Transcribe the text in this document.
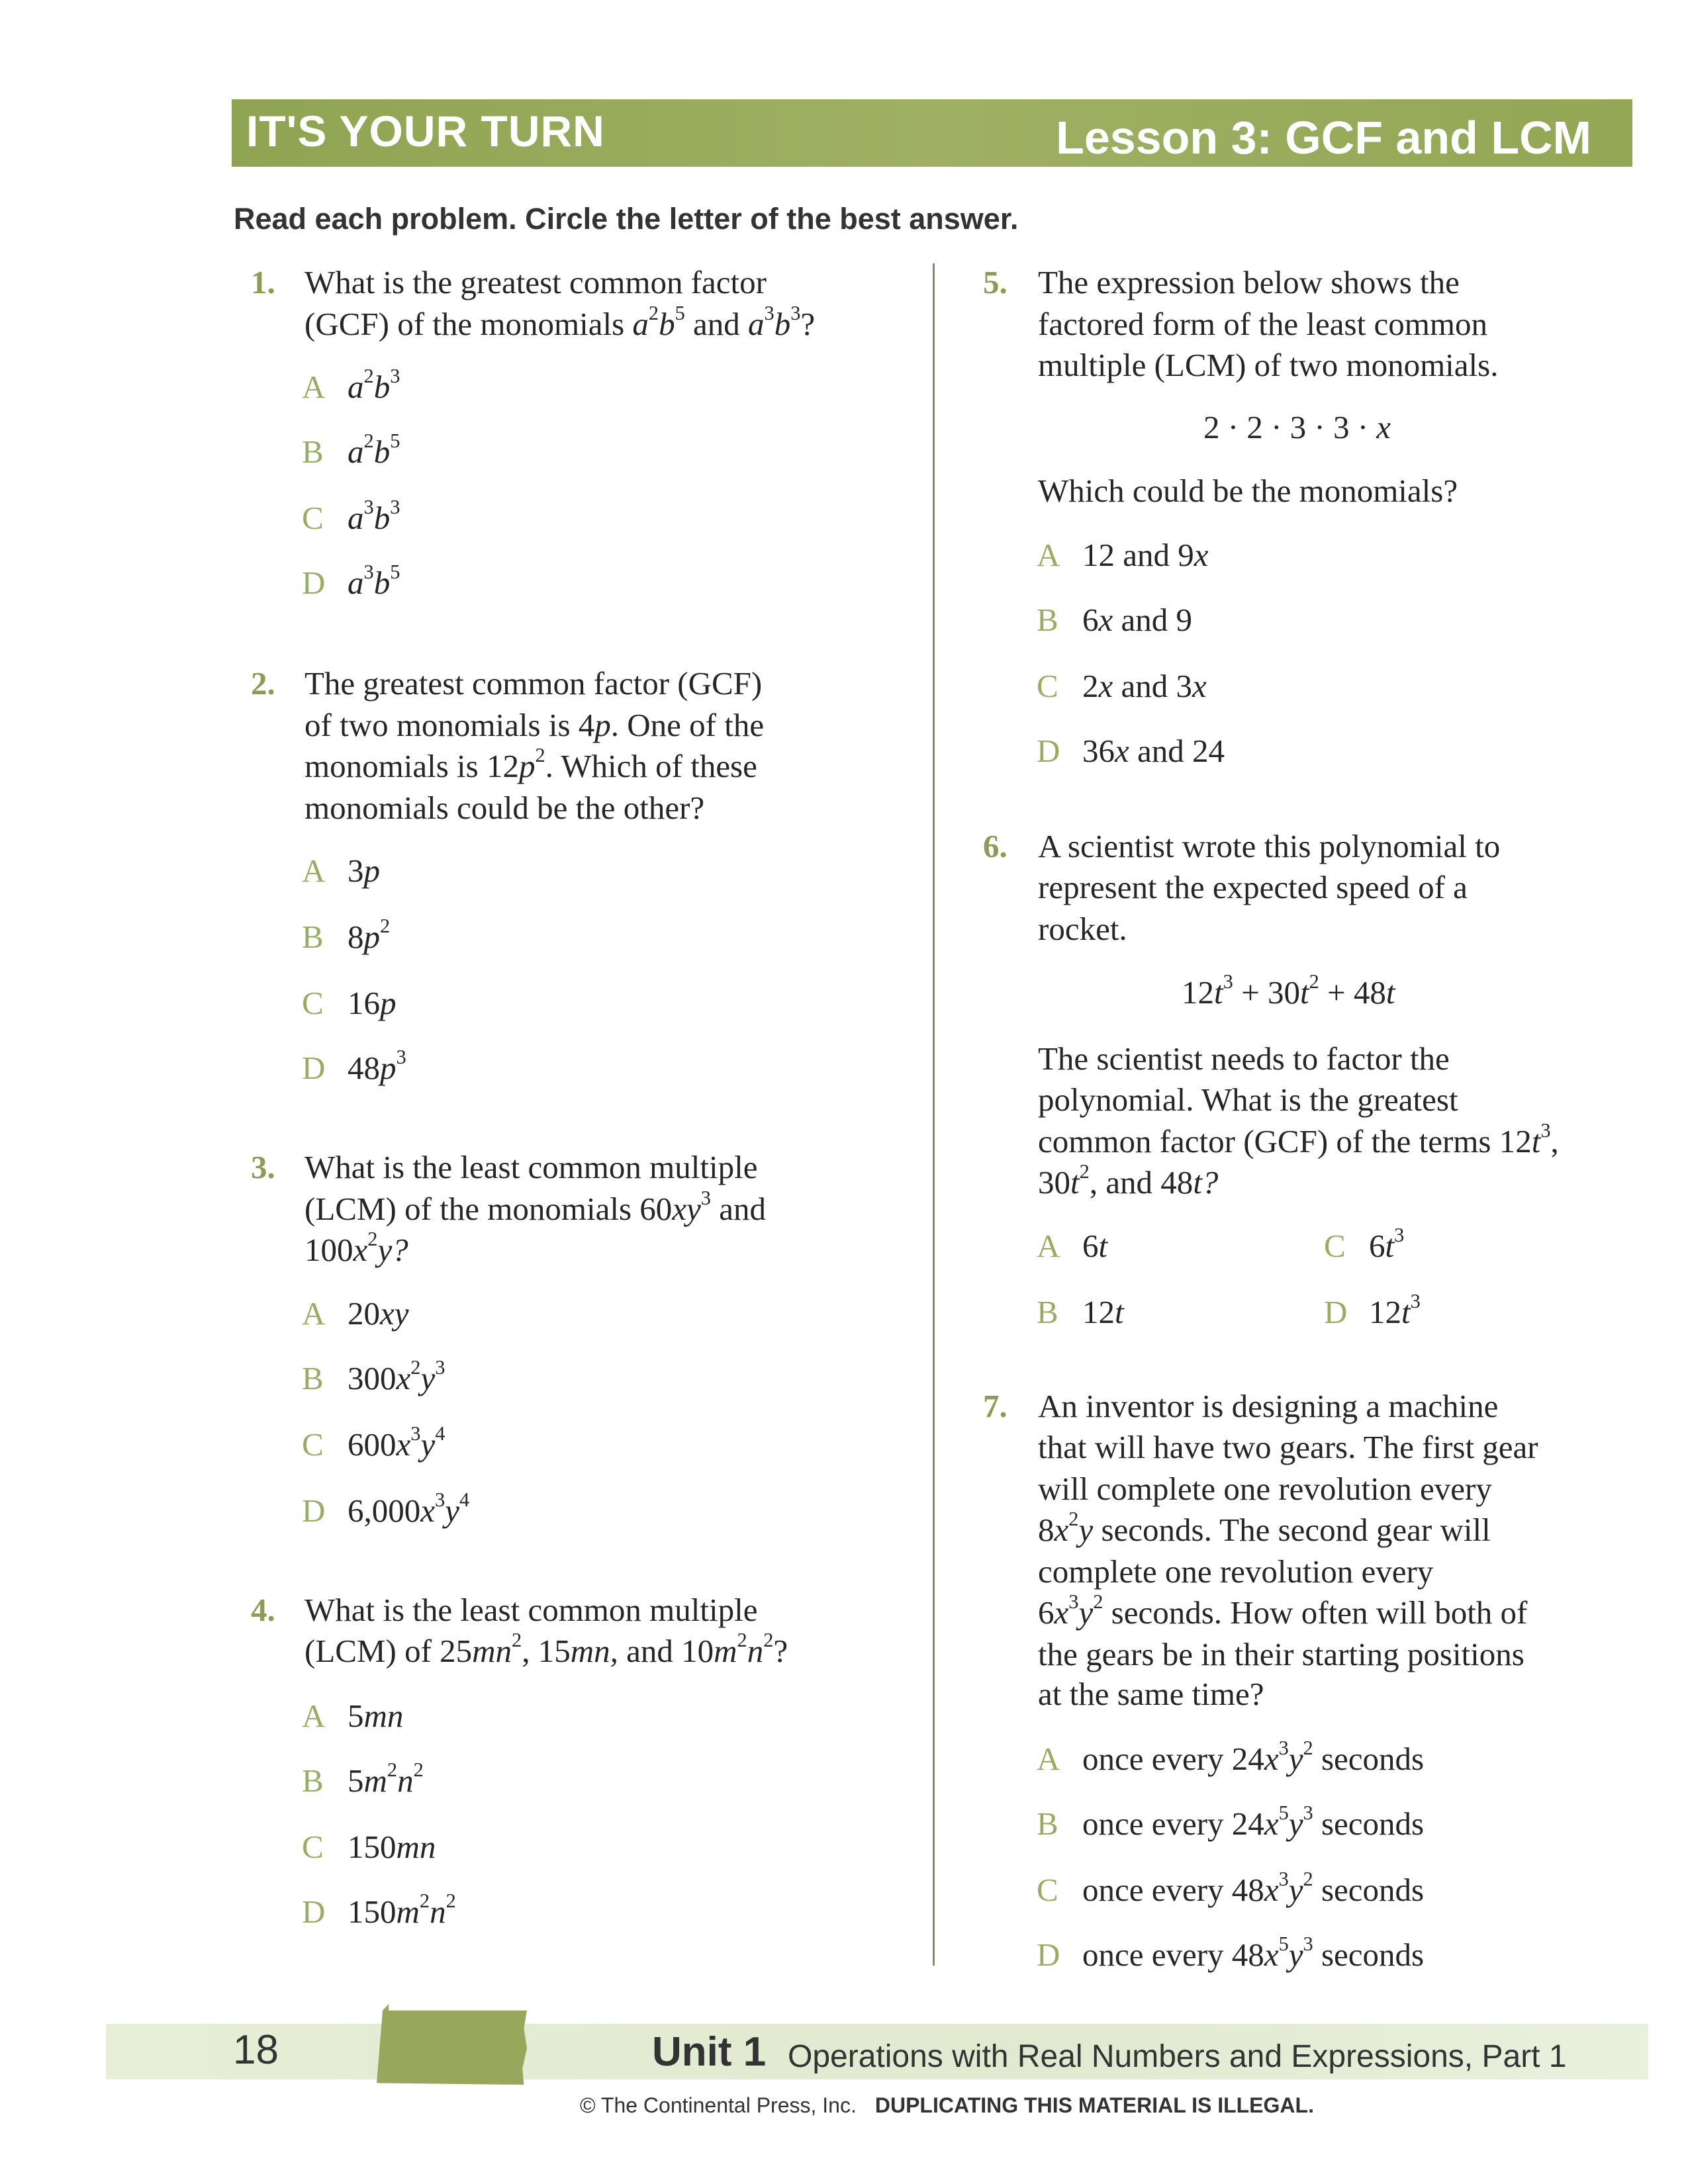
IT'S YOUR TURN	Lesson 3: GCF and LCM
Read each problem. Circle the letter of the best answer.
1. What is the greatest common factor
(GCF) of the monomials $a^2b^5$ and $a^3b^3$?
A $a^2b^3$
B $a^2b^5$
C $a^3b^3$
D $a^3b^5$
2. The greatest common factor (GCF)
of two monomials is 4p. One of the
monomials is $12p^2$. Which of these
monomials could be the other?
A 3p
B $8p^2$
C 16p
D $48p^3$
3. What is the least common multiple
(LCM) of the monomials $60xy^3$ and
$100x^2y$?
A 20xy
B $300x^2y^3$
C $600x^3y^4$
D $6,000x^3y^4$
4. What is the least common multiple
(LCM) of $25mn^2$, 15mn, and $10m^2n^2$?
A 5mn
B $5m^2n^2$
C 150mn
D $150m^2n^2$
5. The expression below shows the
factored form of the least common
multiple (LCM) of two monomials.
2 · 2 · 3 · 3 · x
Which could be the monomials?
A 12 and 9x
B 6x and 9
C 2x and 3x
D 36x and 24
6. A scientist wrote this polynomial to
represent the expected speed of a
rocket.
$12t^3 + 30t^2 + 48t$
The scientist needs to factor the
polynomial. What is the greatest
common factor (GCF) of the terms $12t^3$,
$30t^2$, and 48t?
A 6t	C $6t^3$
B 12t	D $12t^3$
7. An inventor is designing a machine
that will have two gears. The first gear
will complete one revolution every
$8x^2y$ seconds. The second gear will
complete one revolution every
$6x^3y^2$ seconds. How often will both of
the gears be in their starting positions
at the same time?
A once every $24x^3y^2$ seconds
B once every $24x^5y^3$ seconds
C once every $48x^3y^2$ seconds
D once every $48x^5y^3$ seconds
18	Unit 1 Operations with Real Numbers and Expressions, Part 1
© The Continental Press, Inc. DUPLICATING THIS MATERIAL IS ILLEGAL.
